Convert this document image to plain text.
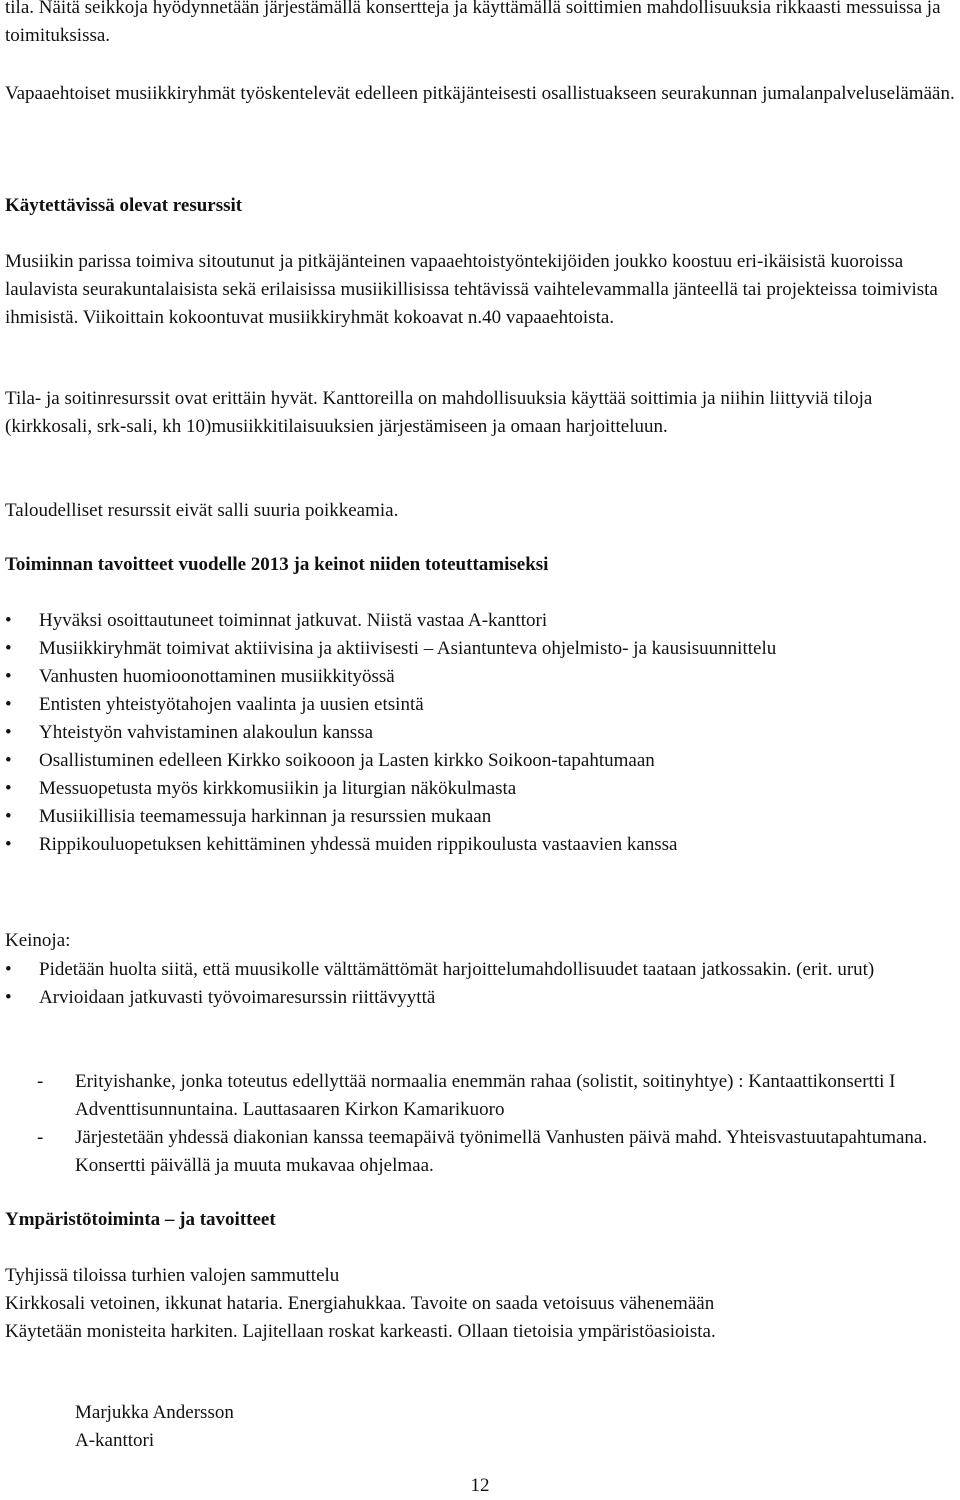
tila. Näitä seikkoja hyödynnetään järjestämällä konsertteja ja käyttämällä soittimien mahdollisuuksia rikkaasti messuissa ja toimituksissa.

Vapaaehtoiset musiikkiryhmät työskentelevät edelleen pitkäjänteisesti osallistuakseen seurakunnan jumalanpalveluselämään.

Käytettävissä olevat resurssit

Musiikin parissa toimiva sitoutunut ja pitkäjänteinen vapaaehtoistyöntekijöiden joukko koostuu eri-ikäisistä kuoroissa laulavista seurakuntalaisista sekä erilaisissa musiikillisissa tehtävissä vaihtelevammalla jänteellä tai projekteissa toimivista ihmisistä. Viikoittain kokoontuvat musiikkiryhmät kokoavat n.40 vapaaehtoista.

Tila- ja soitinresurssit ovat erittäin hyvät. Kanttoreilla on mahdollisuuksia käyttää soittimia ja niihin liittyviä tiloja (kirkkosali, srk-sali, kh 10)musiikkitilaisuuksien järjestämiseen ja omaan harjoitteluun.

Taloudelliset resurssit eivät salli suuria poikkeamia.

Toiminnan tavoitteet vuodelle 2013 ja keinot niiden toteuttamiseksi

•	Hyväksi osoittautuneet toiminnat jatkuvat. Niistä vastaa A-kanttori
•	Musiikkiryhmät toimivat aktiivisina ja aktiivisesti – Asiantunteva ohjelmisto- ja kausisuunnittelu
•	Vanhusten huomioonottaminen musiikkityössä
•	Entisten yhteistyötahojen vaalinta ja uusien etsintä
•	Yhteistyön vahvistaminen alakoulun kanssa
•	Osallistuminen edelleen Kirkko soikooon ja Lasten kirkko Soikoon-tapahtumaan
•	Messuopetusta myös kirkkomusiikin ja liturgian näkökulmasta
•	Musiikillisia teemamessuja harkinnan ja resurssien mukaan
•	Rippikouluopetuksen kehittäminen yhdessä muiden rippikoulusta vastaavien kanssa

Keinoja:

•	Pidetään huolta siitä, että muusikolle välttämättömät harjoittelumahdollisuudet taataan jatkossakin. (erit. urut)
•	Arvioidaan jatkuvasti työvoimaresurssin riittävyyttä
- Erityishanke, jonka toteutus edellyttää normaalia enemmän rahaa (solistit, soitinyhtye) : Kantaattikonsertti I Adventtisunnuntaina. Lauttasaaren Kirkon Kamarikuoro
- Järjestetään yhdessä diakonian kanssa teemapäivä työnimellä Vanhusten päivä mahd. Yhteisvastuutapahtumana. Konsertti päivällä ja muuta mukavaa ohjelmaa.

Ympäristötoiminta – ja tavoitteet

Tyhjissä tiloissa turhien valojen sammuttelu

Kirkkosali vetoinen, ikkunat hataria. Energiahukkaa. Tavoite on saada vetoisuus vähenemään

Käytetään monisteita harkiten. Lajitellaan roskat karkeasti. Ollaan tietoisia ympäristöasioista.

Marjukka Andersson

A-kanttori

12
